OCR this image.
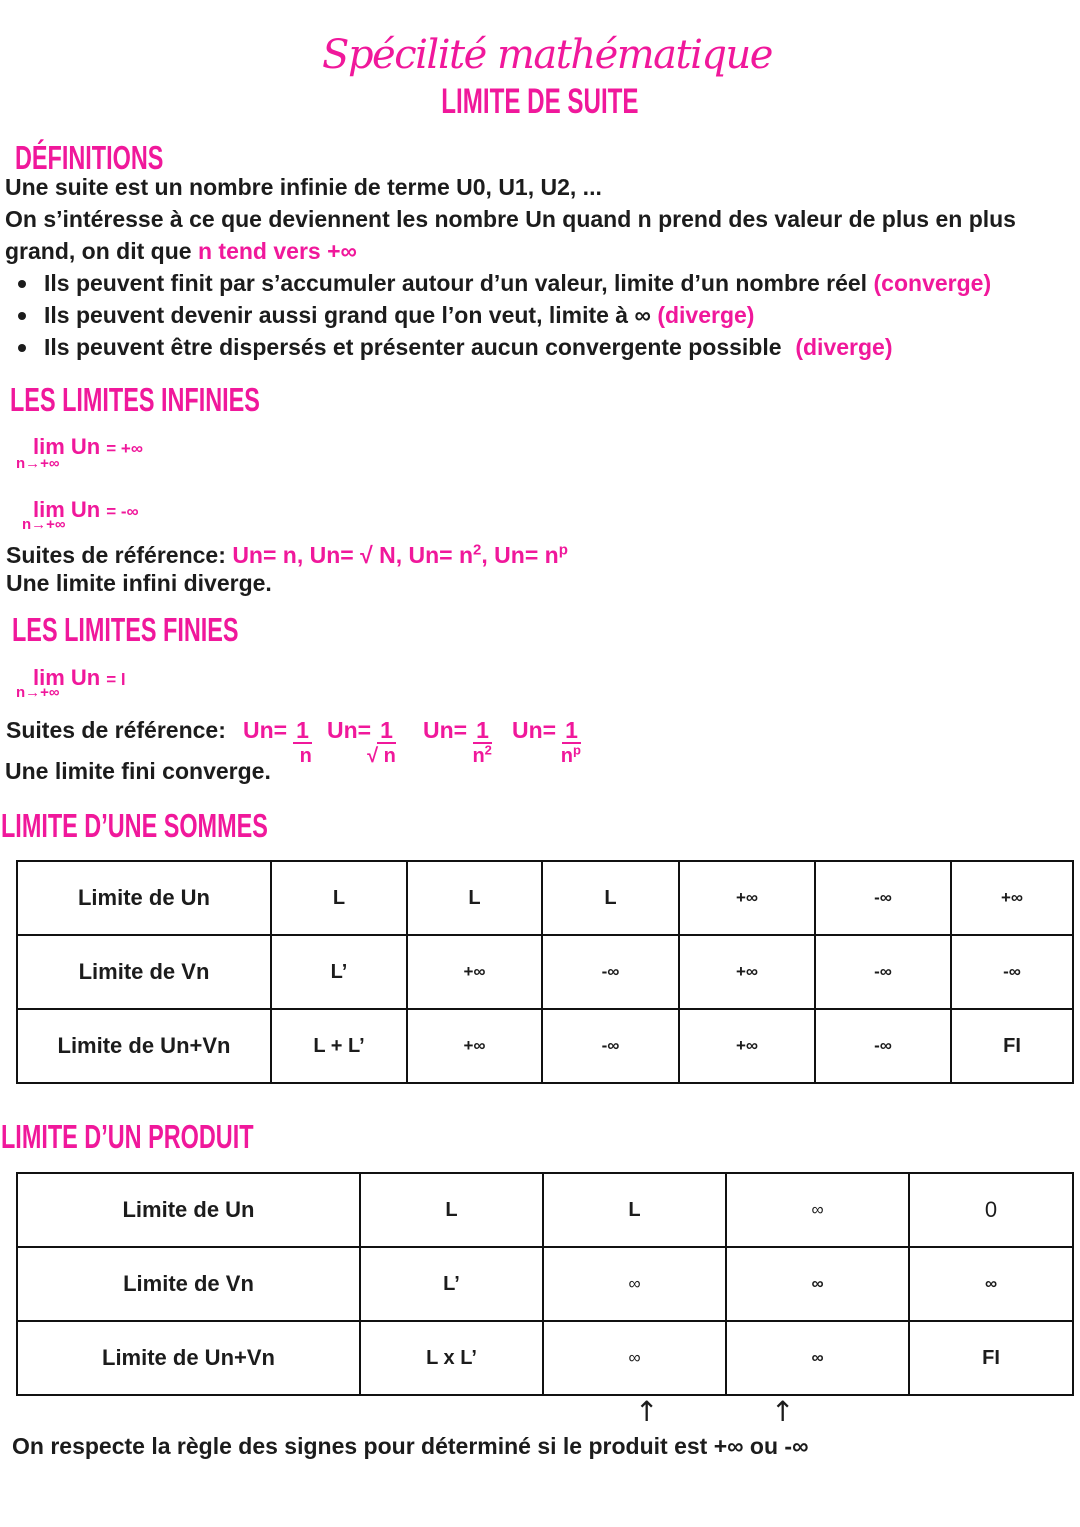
Spécilité mathématique
LIMITE DE SUITE
DÉFINITIONS
Une suite est un nombre infinie de terme U0, U1, U2, ...
On s’intéresse à ce que deviennent les nombre Un quand n prend des valeur de plus en plus
grand, on dit que n tend vers +∞
Ils peuvent finit par s’accumuler autour d’un valeur, limite d’un nombre réel (converge)
Ils peuvent devenir aussi grand que l’on veut, limite à ∞ (diverge)
Ils peuvent être dispersés et présenter aucun convergente possible (diverge)
LES LIMITES INFINIES
lim Un = +∞
n→+∞
lim Un = -∞
n→+∞
Suites de référence: Un= n, Un= √ N, $Un= n^2$, $Un= n^p$
Une limite infini diverge.
LES LIMITES FINIES
lim Un = l
n→+∞
Suites de référence: Un= 1
n
Un= 1
√ n
Un= 1
$n^2$
Un= 1
$n^p$
Une limite fini converge.
LIMITE D’UNE SOMMES
Limite de Un	L	L	L	+∞	-∞	+∞
Limite de Vn	L’	+∞	-∞	+∞	-∞	-∞
Limite de Un+Vn	L + L’	+∞	-∞	+∞	-∞	FI
LIMITE D’UN PRODUIT
Limite de Un	L	L	∞	0
Limite de Vn	L’	∞	∞	∞
Limite de Un+Vn	L x L’	∞	∞	FI
↑	↑
On respecte la règle des signes pour déterminé si le produit est +∞ ou -∞
